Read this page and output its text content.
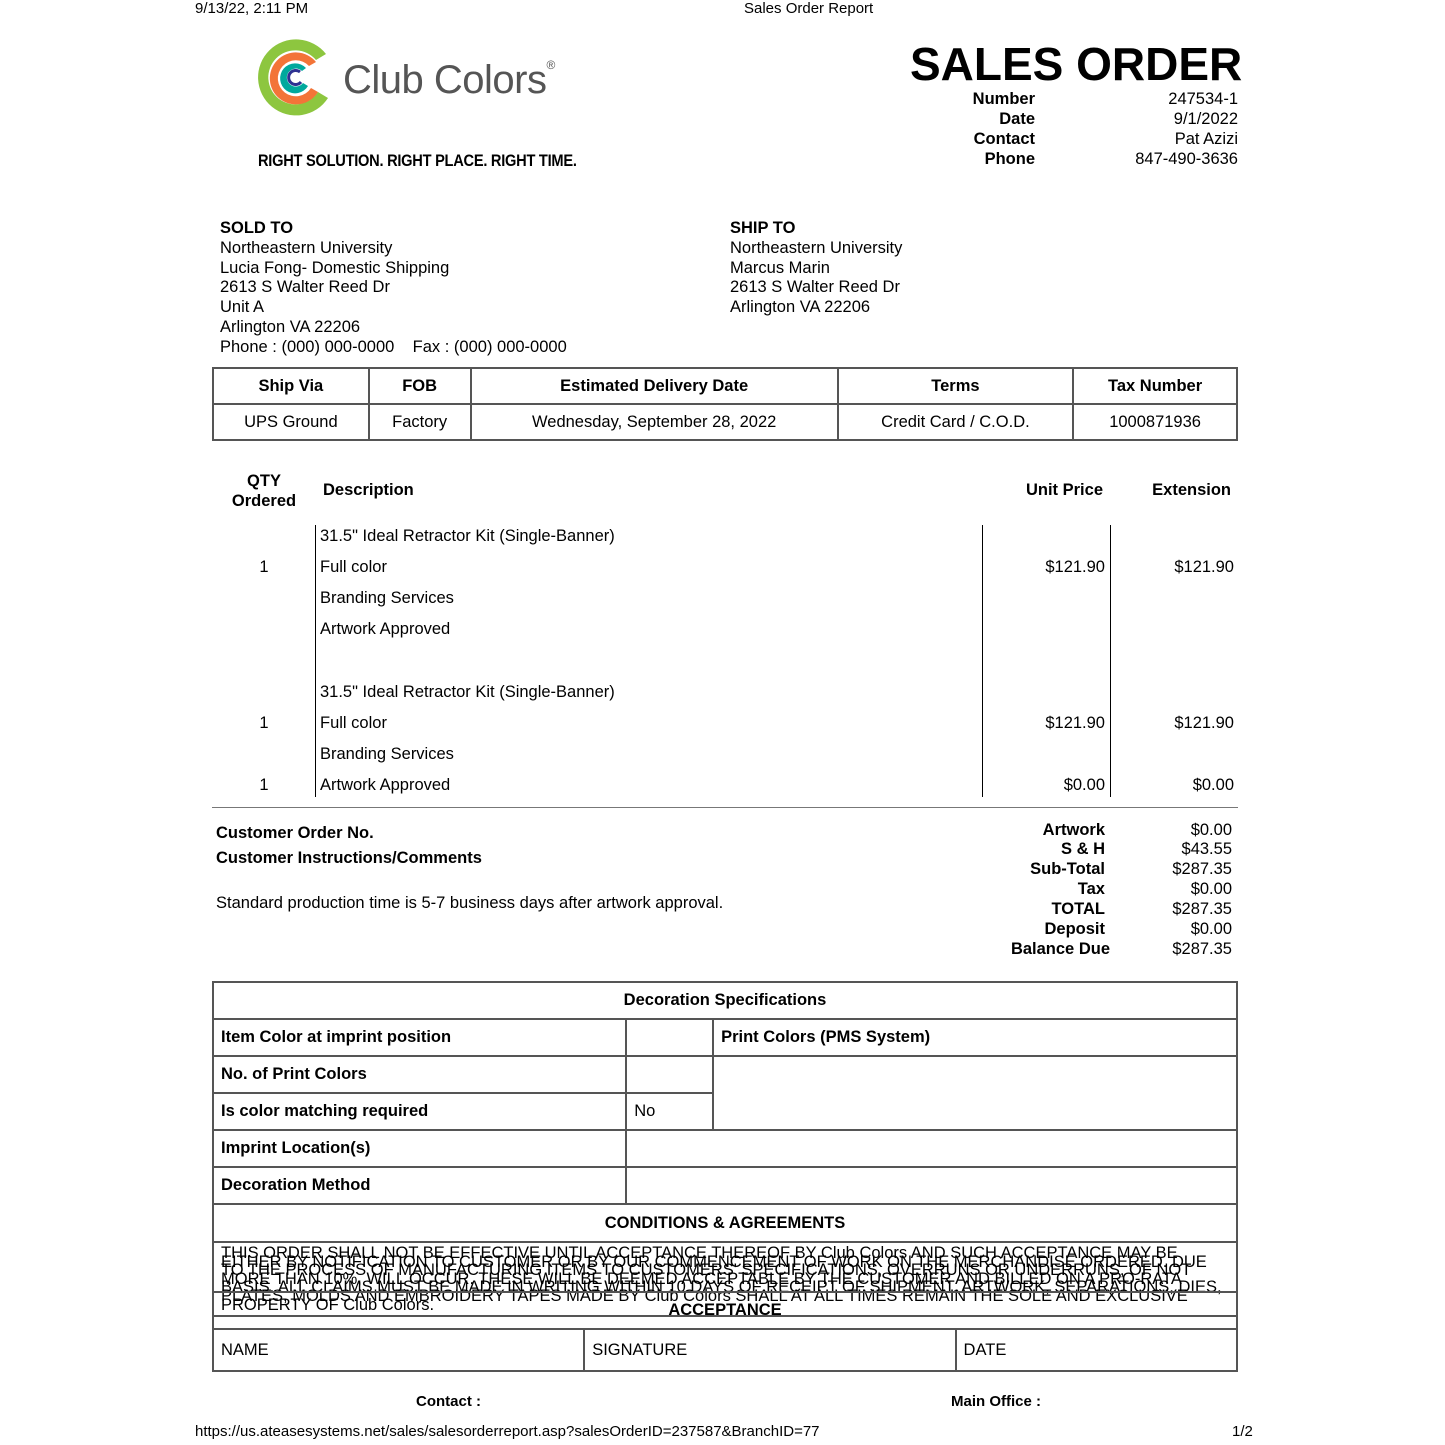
9/13/22, 2:11 PM	Sales Order Report
Club Colors®
RIGHT SOLUTION. RIGHT PLACE. RIGHT TIME.
SALES ORDER
Number	247534-1
Date	9/1/2022
Contact	Pat Azizi
Phone	847-490-3636
SOLD TO
Northeastern University
Lucia Fong- Domestic Shipping
2613 S Walter Reed Dr
Unit A
Arlington VA 22206
Phone : (000) 000-0000 Fax : (000) 000-0000
SHIP TO
Northeastern University
Marcus Marin
2613 S Walter Reed Dr
Arlington VA 22206
Ship Via	FOB	Estimated Delivery Date	Terms	Tax Number
UPS Ground	Factory	Wednesday, September 28, 2022	Credit Card / C.O.D.	1000871936
QTY
Ordered
Description	Unit Price	Extension
31.5" Ideal Retractor Kit (Single-Banner)
1	Full color	$121.90	$121.90
Branding Services
Artwork Approved
31.5" Ideal Retractor Kit (Single-Banner)
1	Full color	$121.90	$121.90
Branding Services
1	Artwork Approved	$0.00	$0.00
Customer Order No.
Customer Instructions/Comments
Standard production time is 5-7 business days after artwork approval.
Artwork	$0.00
S & H	$43.55
Sub-Total	$287.35
Tax	$0.00
TOTAL	$287.35
Deposit	$0.00
Balance Due	$287.35
Decoration Specifications		
Item Color at imprint position		Print Colors (PMS System)
No. of Print Colors		
Is color matching required	No	
Imprint Location(s)		
Decoration Method		
CONDITIONS & AGREEMENTS		
THIS ORDER SHALL NOT BE EFFECTIVE UNTIL ACCEPTANCE THEREOF BY Club Colors AND SUCH ACCEPTANCE MAY BE EITHER BY NOTIFICATION TO CUSTOMER OR BY OUR COMMENCEMENT OF WORK ON THE MERCHANDISE ORDERED. DUE TO THE PROCESS OF MANUFACTURING ITEMS TO CUSTOMERS' SPECIFICATIONS, OVERRUNS OR UNDERRUNS, OF NOT MORE THAN 10%, WILL OCCUR. THESE WILL BE DEEMED ACCEPTABLE BY THE CUSTOMER AND BILLED ON A PRO-RATA BASIS. ALL CLAIMS MUST BE MADE IN WRITING WITHIN 10 DAYS OF RECEIPT OF SHIPMENT. ARTWORK, SEPARATIONS, DIES, PLATES, MOLDS AND EMBROIDERY TAPES MADE BY Club Colors SHALL AT ALL TIMES REMAIN THE SOLE AND EXCLUSIVE PROPERTY OF Club Colors.			ACCEPTANCE
NAME	SIGNATURE	DATE
Contact :	Main Office :
https://us.ateasesystems.net/sales/salesorderreport.asp?salesOrderID=237587&BranchID=77	1/2
